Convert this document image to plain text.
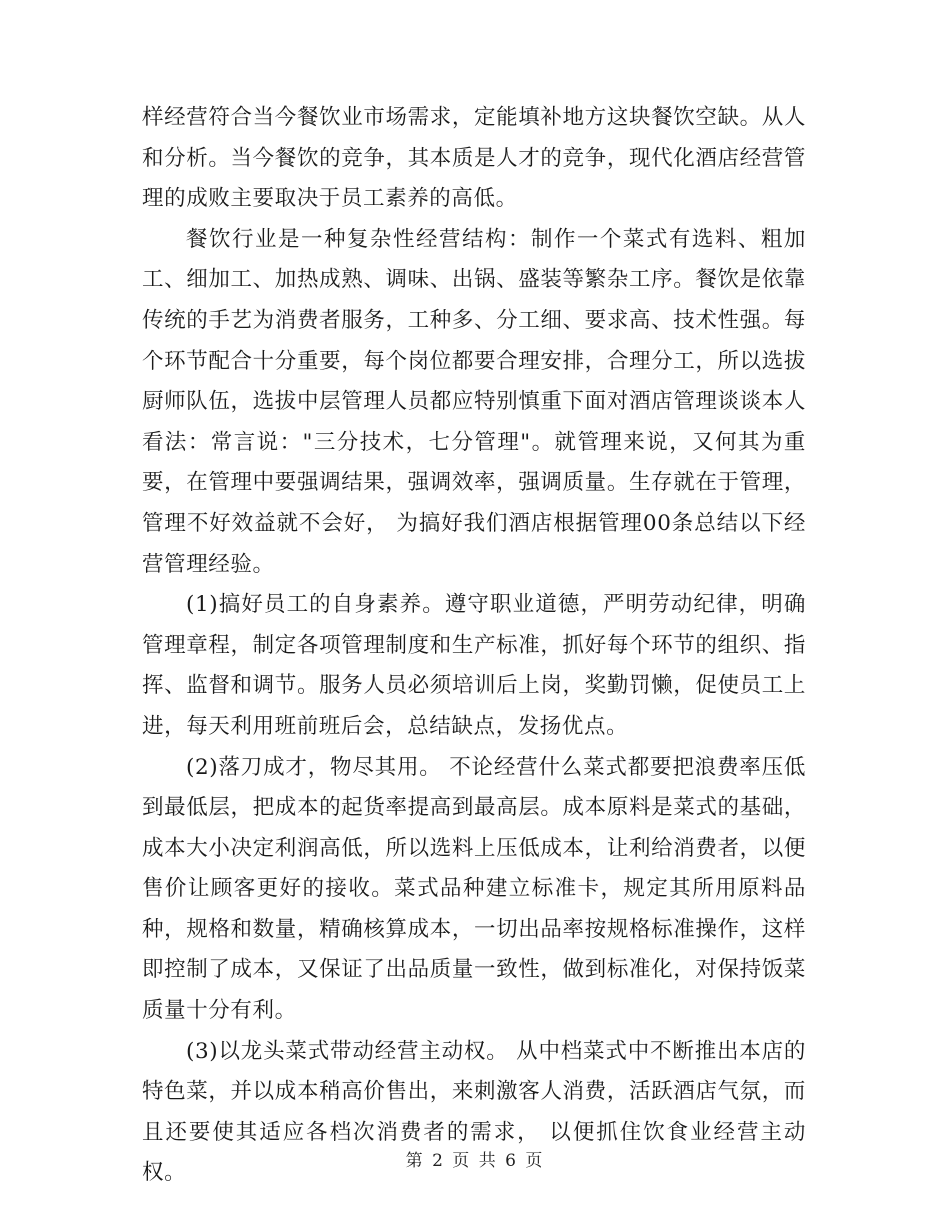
样经营符合当今餐饮业市场需求，定能填补地方这块餐饮空缺。从人和分析。当今餐饮的竞争，其本质是人才的竞争，现代化酒店经营管理的成败主要取决于员工素养的高低。

餐饮行业是一种复杂性经营结构：制作一个菜式有选料、粗加工、细加工、加热成熟、调味、出锅、盛装等繁杂工序。餐饮是依靠传统的手艺为消费者服务，工种多、分工细、要求高、技术性强。每个环节配合十分重要，每个岗位都要合理安排，合理分工，所以选拔厨师队伍，选拔中层管理人员都应特别慎重下面对酒店管理谈谈本人看法：常言说："三分技术，七分管理"。就管理来说，又何其为重要，在管理中要强调结果，强调效率，强调质量。生存就在于管理，管理不好效益就不会好， 为搞好我们酒店根据管理00条总结以下经营管理经验。

(1)搞好员工的自身素养。遵守职业道德，严明劳动纪律，明确管理章程，制定各项管理制度和生产标准，抓好每个环节的组织、指挥、监督和调节。服务人员必须培训后上岗，奖勤罚懒，促使员工上进，每天利用班前班后会，总结缺点，发扬优点。

(2)落刀成才，物尽其用。 不论经营什么菜式都要把浪费率压低到最低层，把成本的起货率提高到最高层。成本原料是菜式的基础，成本大小决定利润高低，所以选料上压低成本，让利给消费者，以便售价让顾客更好的接收。菜式品种建立标准卡，规定其所用原料品种，规格和数量，精确核算成本，一切出品率按规格标准操作，这样即控制了成本，又保证了出品质量一致性，做到标准化，对保持饭菜质量十分有利。

(3)以龙头菜式带动经营主动权。 从中档菜式中不断推出本店的特色菜，并以成本稍高价售出，来刺激客人消费，活跃酒店气氛，而且还要使其适应各档次消费者的需求， 以便抓住饮食业经营主动权。	第 2 页 共 6 页
